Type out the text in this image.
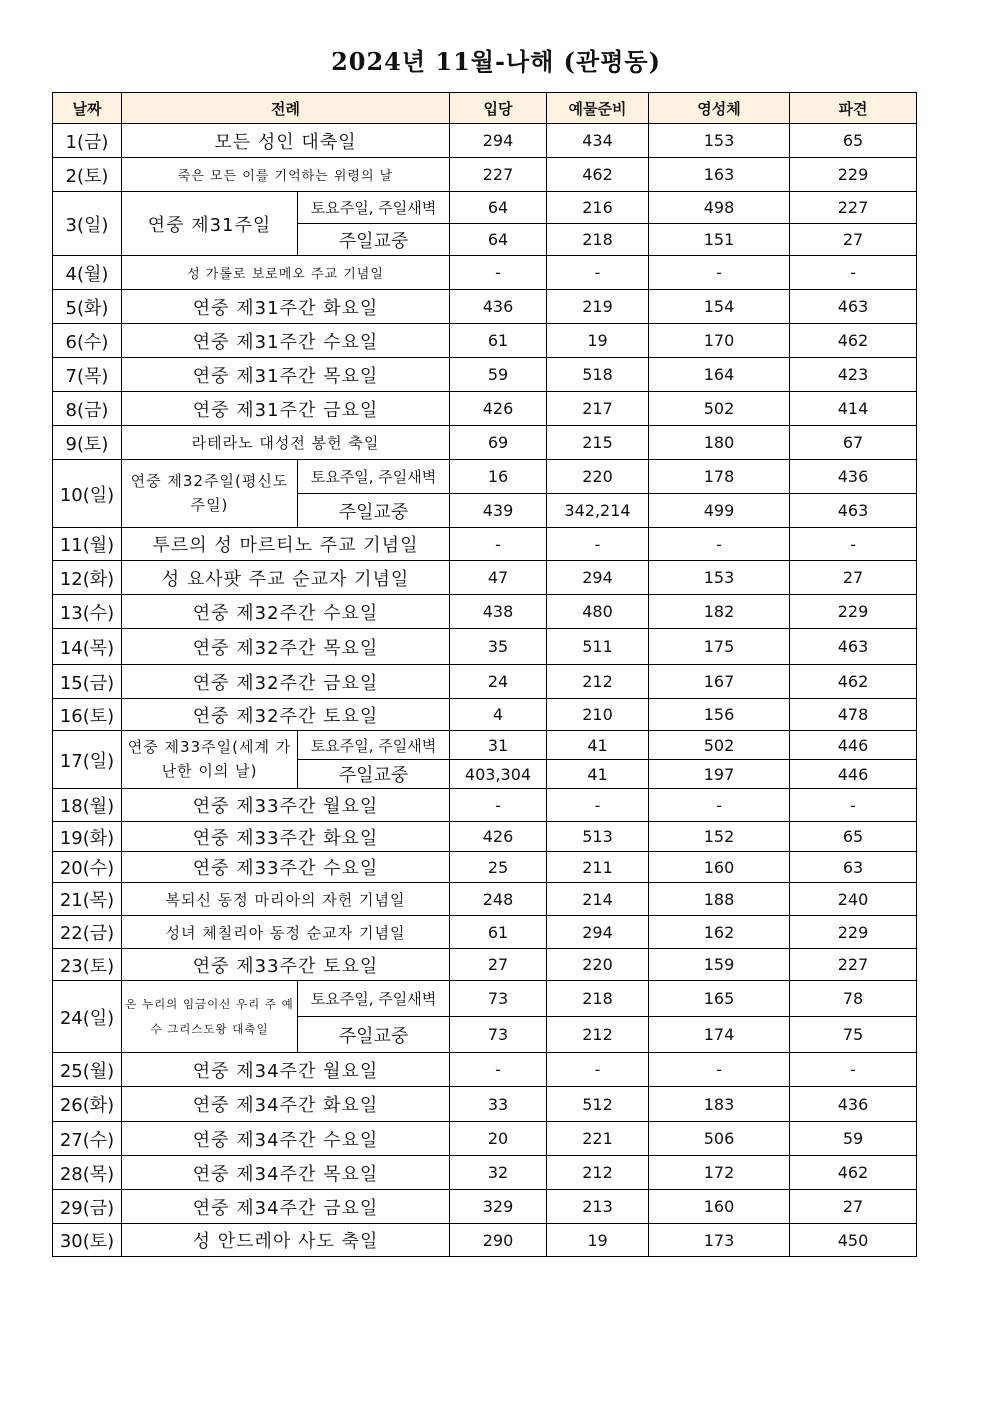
2024년 11월-나해 (관평동)
날짜	전례		입당	예물준비	영성체	파견
1(금)	모든 성인 대축일		294	434	153	65
2(토)	죽은 모든 이를 기억하는 위령의 날		227	462	163	229
3(일)	연중 제31주일	토요주일, 주일새벽	64	216	498	227
		주일교중	64	218	151	27
4(월)	성 가롤로 보로메오 주교 기념일		-	-	-	-
5(화)	연중 제31주간 화요일		436	219	154	463
6(수)	연중 제31주간 수요일		61	19	170	462
7(목)	연중 제31주간 목요일		59	518	164	423
8(금)	연중 제31주간 금요일		426	217	502	414
9(토)	라테라노 대성전 봉헌 축일		69	215	180	67
10(일)	연중 제32주일(평신도 주일)	토요주일, 주일새벽	16	220	178	436
		주일교중	439	342,214	499	463
11(월)	투르의 성 마르티노 주교 기념일		-	-	-	-
12(화)	성 요사팟 주교 순교자 기념일		47	294	153	27
13(수)	연중 제32주간 수요일		438	480	182	229
14(목)	연중 제32주간 목요일		35	511	175	463
15(금)	연중 제32주간 금요일		24	212	167	462
16(토)	연중 제32주간 토요일		4	210	156	478
17(일)	연중 제33주일(세계 가난한 이의 날)	토요주일, 주일새벽	31	41	502	446
		주일교중	403,304	41	197	446
18(월)	연중 제33주간 월요일		-	-	-	-
19(화)	연중 제33주간 화요일		426	513	152	65
20(수)	연중 제33주간 수요일		25	211	160	63
21(목)	복되신 동정 마리아의 자헌 기념일		248	214	188	240
22(금)	성녀 체칠리아 동정 순교자 기념일		61	294	162	229
23(토)	연중 제33주간 토요일		27	220	159	227
24(일)	온 누리의 임금이신 우리 주 예수 그리스도왕 대축일	토요주일, 주일새벽	73	218	165	78
		주일교중	73	212	174	75
25(월)	연중 제34주간 월요일		-	-	-	-
26(화)	연중 제34주간 화요일		33	512	183	436
27(수)	연중 제34주간 수요일		20	221	506	59
28(목)	연중 제34주간 목요일		32	212	172	462
29(금)	연중 제34주간 금요일		329	213	160	27
30(토)	성 안드레아 사도 축일		290	19	173	450
